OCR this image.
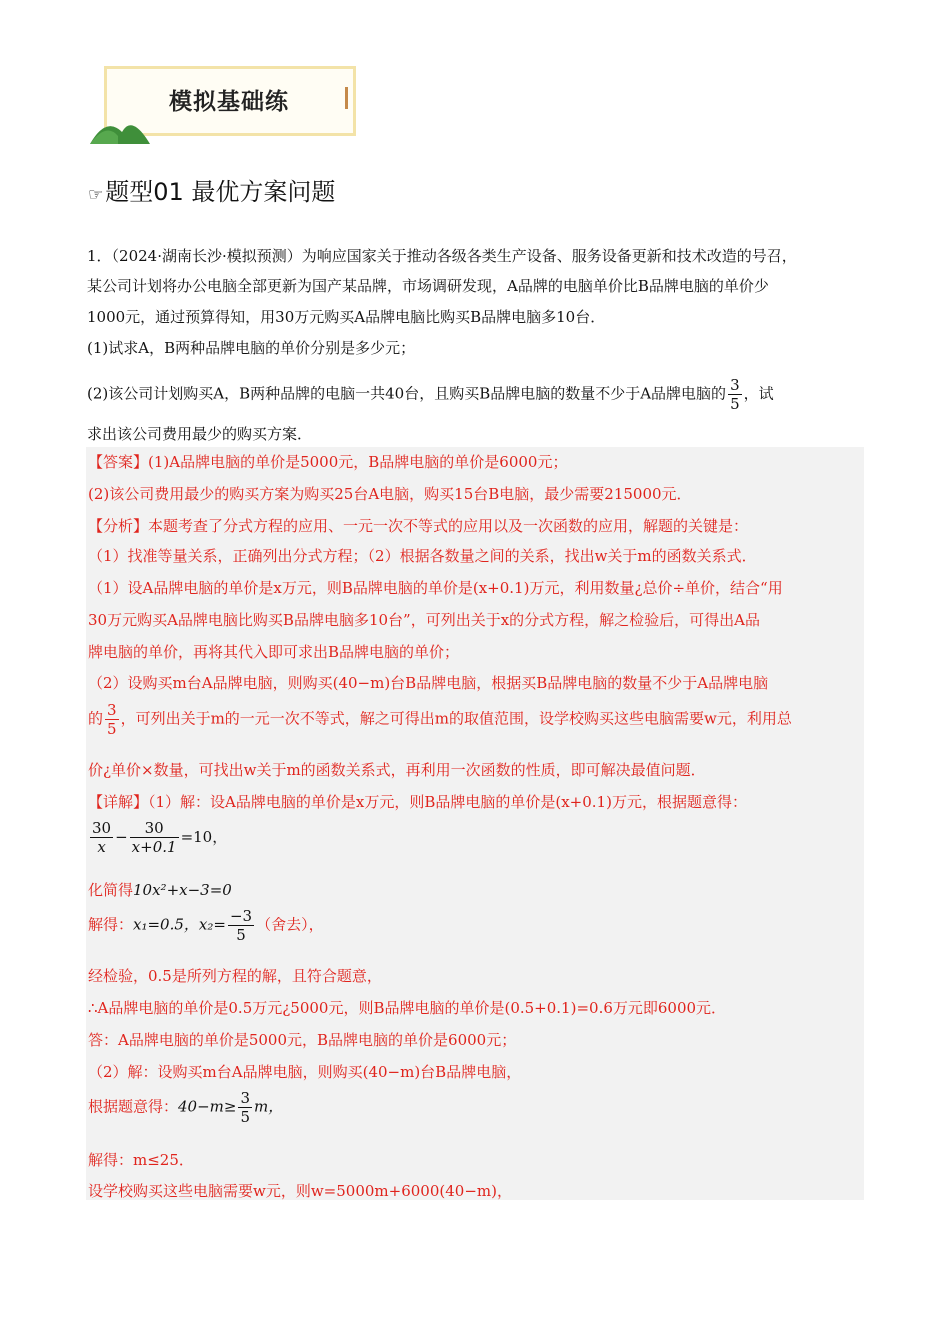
模拟基础练
☞题型01 最优方案问题
1．（2024·湖南长沙·模拟预测）为响应国家关于推动各级各类生产设备、服务设备更新和技术改造的号召，
某公司计划将办公电脑全部更新为国产某品牌，市场调研发现，A品牌的电脑单价比B品牌电脑的单价少
1000元，通过预算得知，用30万元购买A品牌电脑比购买B品牌电脑多10台．
(1)试求A，B两种品牌电脑的单价分别是多少元；
(2)该公司计划购买A，B两种品牌的电脑一共40台，且购买B品牌电脑的数量不少于A品牌电脑的 $\frac{3}{5}$ ，试
求出该公司费用最少的购买方案．
【答案】(1)A品牌电脑的单价是5000元，B品牌电脑的单价是6000元；
(2)该公司费用最少的购买方案为购买25台A电脑，购买15台B电脑，最少需要215000元．
【分析】本题考查了分式方程的应用、一元一次不等式的应用以及一次函数的应用，解题的关键是：
（1）找准等量关系，正确列出分式方程；（2）根据各数量之间的关系，找出w关于m的函数关系式．
（1）设A品牌电脑的单价是x万元，则B品牌电脑的单价是(x+0.1)万元，利用数量¿总价÷单价，结合“用
30万元购买A品牌电脑比购买B品牌电脑多10台”，可列出关于x的分式方程，解之检验后，可得出A品
牌电脑的单价，再将其代入即可求出B品牌电脑的单价；
（2）设购买m台A品牌电脑，则购买(40−m)台B品牌电脑，根据买B品牌电脑的数量不少于A品牌电脑
的 $\frac{3}{5}$ ，可列出关于m的一元一次不等式，解之可得出m的取值范围，设学校购买这些电脑需要w元，利用总
价¿单价×数量，可找出w关于m的函数关系式，再利用一次函数的性质，即可解决最值问题．
【详解】（1）解：设A品牌电脑的单价是x万元，则B品牌电脑的单价是(x+0.1)万元，根据题意得：
$\frac{30}{x} - \frac{30}{x+0.1} =10$，
化简得10x²+x−3=0
解得：x₁=0.5，$x_2= \frac{-3}{5}$ （舍去），
经检验，0.5是所列方程的解，且符合题意，
∴A品牌电脑的单价是0.5万元¿5000元，则B品牌电脑的单价是(0.5+0.1)=0.6万元即6000元．
答：A品牌电脑的单价是5000元，B品牌电脑的单价是6000元；
（2）解：设购买m台A品牌电脑，则购买(40−m)台B品牌电脑，
根据题意得：$40-m\ge \frac{3}{5}$ m，
解得：m≤25．
设学校购买这些电脑需要w元，则w=5000m+6000(40−m)，
